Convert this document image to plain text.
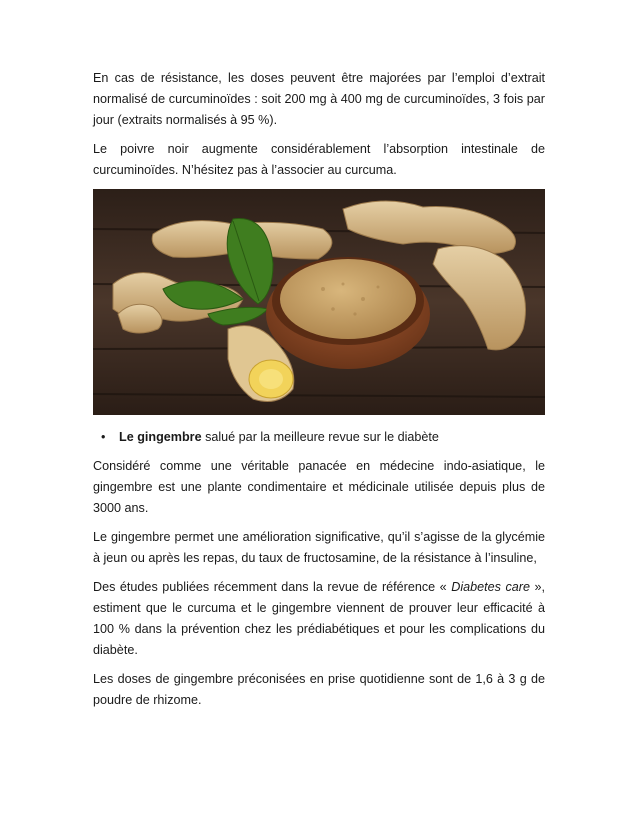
En cas de résistance, les doses peuvent être majorées par l’emploi d’extrait normalisé de curcuminoïdes : soit 200 mg à 400 mg de curcuminoïdes, 3 fois par jour (extraits normalisés à 95 %).

Le poivre noir augmente considérablement l’absorption intestinale de curcuminoïdes. N’hésitez pas à l’associer au curcuma.

•	Le gingembre salué par la meilleure revue sur le diabète

Considéré comme une véritable panacée en médecine indo-asiatique, le gingembre est une plante condimentaire et médicinale utilisée depuis plus de 3000 ans.

Le gingembre permet une amélioration significative, qu’il s’agisse de la glycémie à jeun ou après les repas, du taux de fructosamine, de la résistance à l’insuline,

Des études publiées récemment dans la revue de référence « Diabetes care », estiment que le curcuma et le gingembre viennent de prouver leur efficacité à 100 % dans la prévention chez les prédiabétiques et pour les complications du diabète.

Les doses de gingembre préconisées en prise quotidienne sont de 1,6 à 3 g de poudre de rhizome.
